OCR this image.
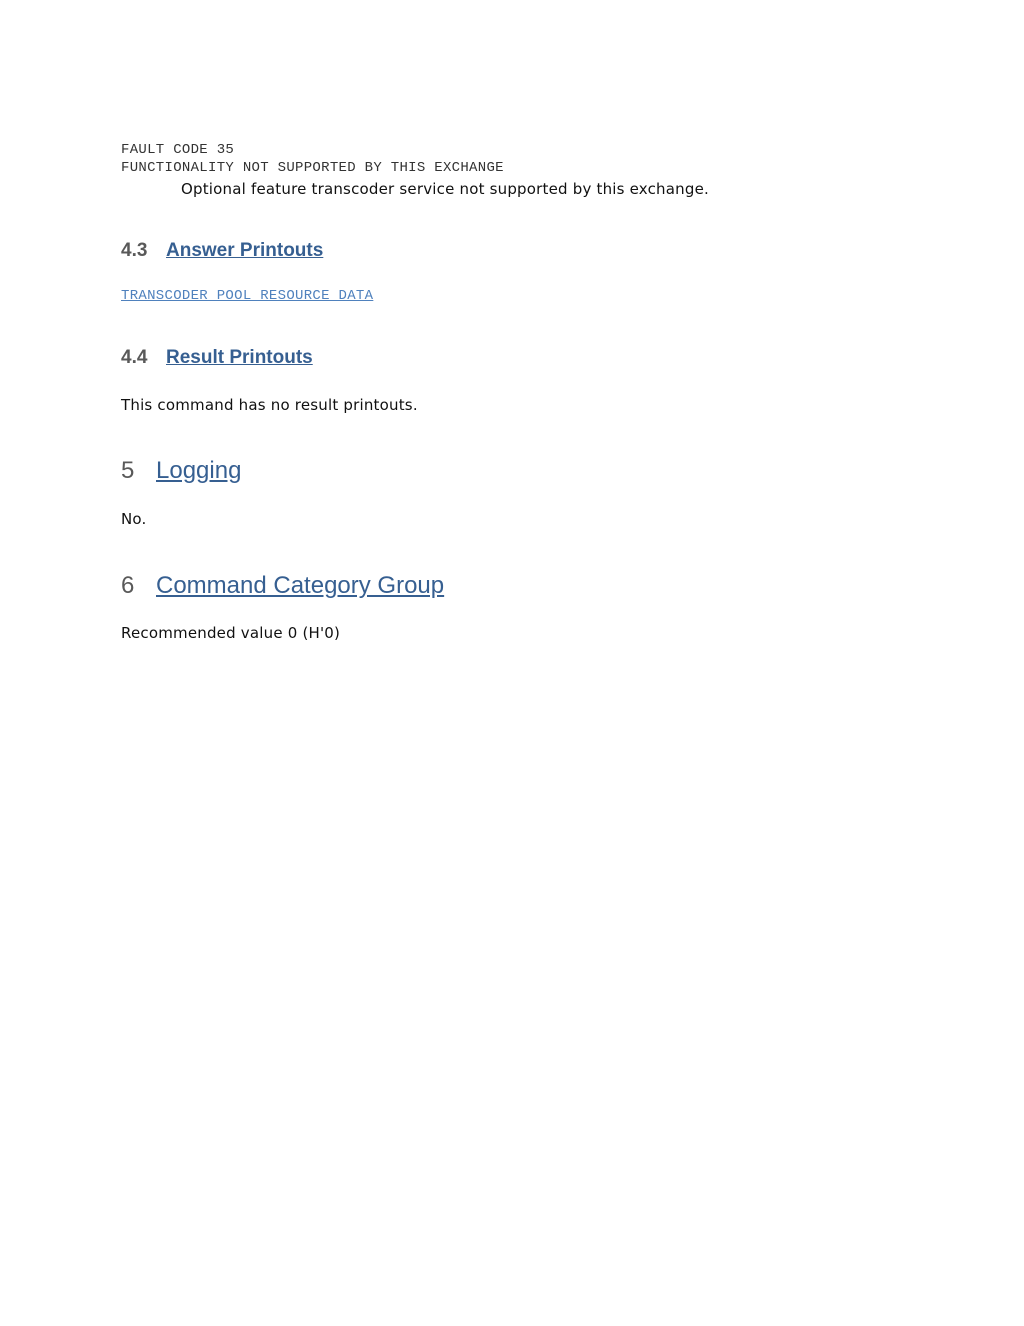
FAULT CODE 35
FUNCTIONALITY NOT SUPPORTED BY THIS EXCHANGE
Optional feature transcoder service not supported by this exchange.
4.3 Answer Printouts
TRANSCODER POOL RESOURCE DATA
4.4 Result Printouts
This command has no result printouts.
5 Logging
No.
6 Command Category Group
Recommended value 0 (H'0)
